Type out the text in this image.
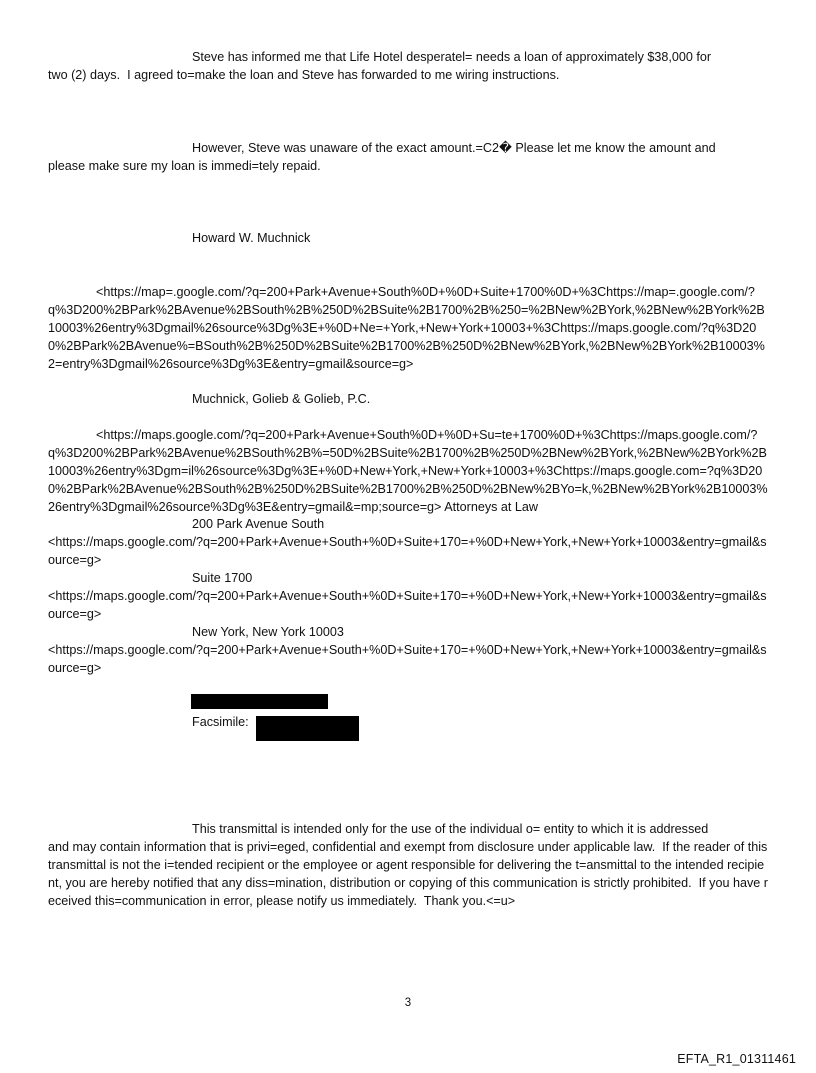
Steve has informed me that Life Hotel desperatel= needs a loan of approximately $38,000 for

two (2) days.  I agreed to=make the loan and Steve has forwarded to me wiring instructions.

However, Steve was unaware of the exact amount.=C2� Please let me know the amount and

please make sure my loan is immedi=tely repaid.

Howard W. Muchnick

<https://map=.google.com/?q=200+Park+Avenue+South%0D+%0D+Suite+1700%0D+%3Chttps://map=.google.com/?q%3D200%2BPark%2BAvenue%2BSouth%2B%250D%2BSuite%2B1700%2B%250=%2BNew%2BYork,%2BNew%2BYork%2B10003%26entry%3Dgmail%26source%3Dg%3E+%0D+Ne=+York,+New+York+10003+%3Chttps://maps.google.com/?q%3D200%2BPark%2BAvenue%=BSouth%2B%250D%2BSuite%2B1700%2B%250D%2BNew%2BYork,%2BNew%2BYork%2B10003%2=entry%3Dgmail%26source%3Dg%3E&entry=gmail&source=g>

Muchnick, Golieb & Golieb, P.C.

<https://maps.google.com/?q=200+Park+Avenue+South%0D+%0D+Su=te+1700%0D+%3Chttps://maps.google.com/?q%3D200%2BPark%2BAvenue%2BSouth%2B%=50D%2BSuite%2B1700%2B%250D%2BNew%2BYork,%2BNew%2BYork%2B10003%26entry%3Dgm=il%26source%3Dg%3E+%0D+New+York,+New+York+10003+%3Chttps://maps.google.com=?q%3D200%2BPark%2BAvenue%2BSouth%2B%250D%2BSuite%2B1700%2B%250D%2BNew%2BYo=k,%2BNew%2BYork%2B10003%26entry%3Dgmail%26source%3Dg%3E&entry=gmail&=mp;source=g> Attorneys at Law

200 Park Avenue South

<https://maps.google.com/?q=200+Park+Avenue+South+%0D+Suite+170=+%0D+New+York,+New+York+10003&entry=gmail&source=g>

Suite 1700

<https://maps.google.com/?q=200+Park+Avenue+South+%0D+Suite+170=+%0D+New+York,+New+York+10003&entry=gmail&source=g>

New York, New York 10003

<https://maps.google.com/?q=200+Park+Avenue+South+%0D+Suite+170=+%0D+New+York,+New+York+10003&entry=gmail&source=g>

Facsimile:

This transmittal is intended only for the use of the individual o= entity to which it is addressed

and may contain information that is privi=eged, confidential and exempt from disclosure under applicable law.  If the reader of this transmittal is not the i=tended recipient or the employee or agent responsible for delivering the t=ansmittal to the intended recipient, you are hereby notified that any diss=mination, distribution or copying of this communication is strictly prohibited.  If you have received this=communication in error, please notify us immediately.  Thank you.<=u>

3
EFTA_R1_01311461
